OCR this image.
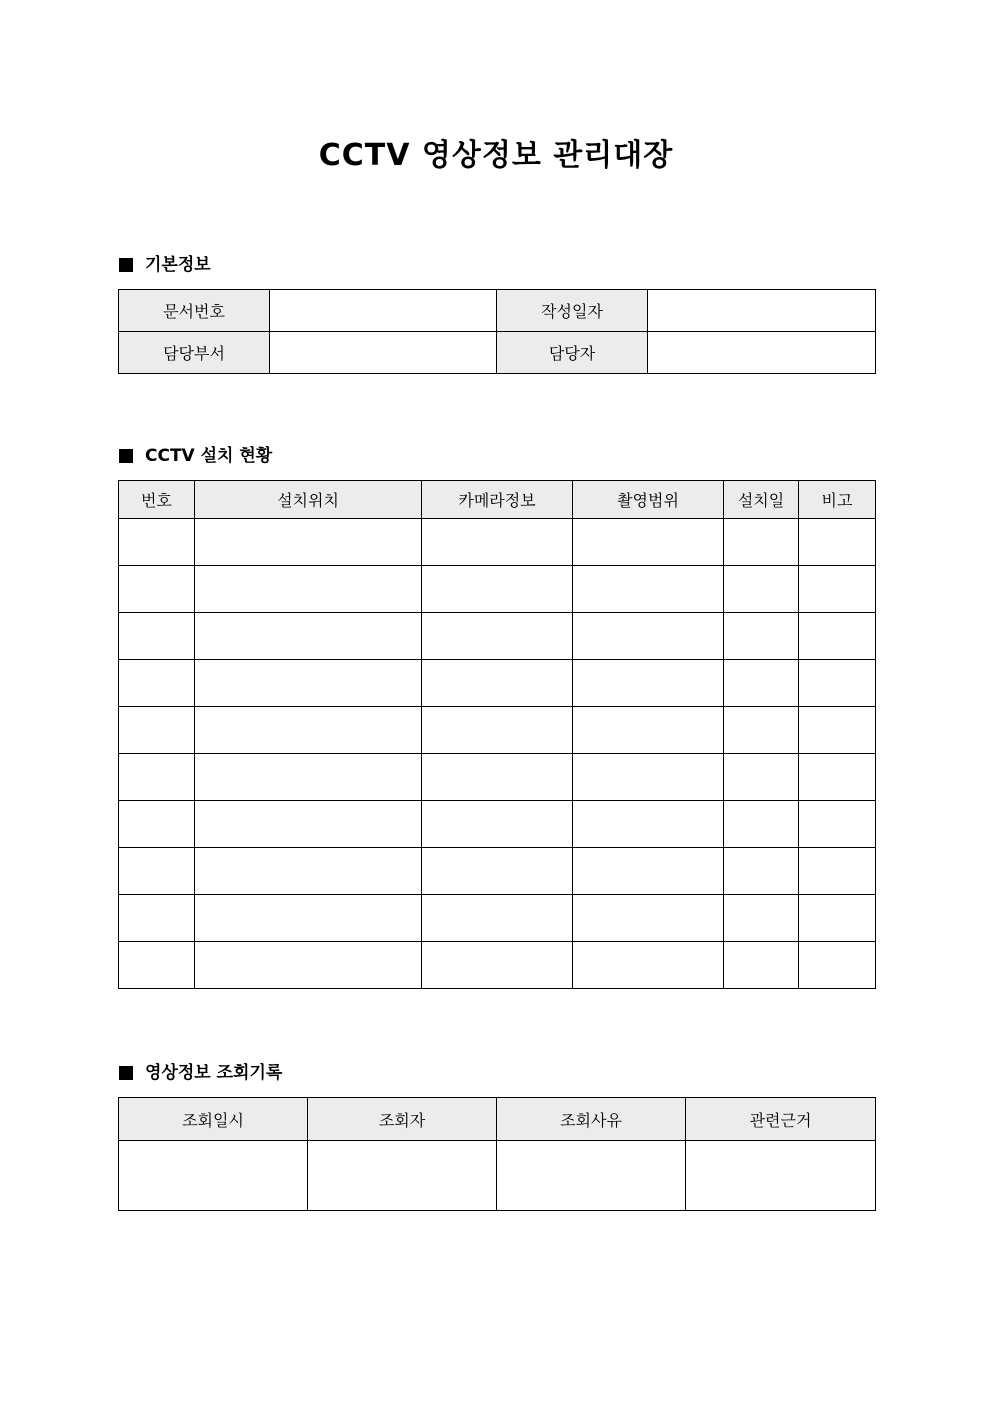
CCTV 영상정보 관리대장
기본정보
문서번호		작성일자	
담당부서		담당자	
CCTV 설치 현황
번호	설치위치	카메라정보	촬영범위	설치일	비고

영상정보 조회기록
조회일시	조회자	조회사유	관련근거
